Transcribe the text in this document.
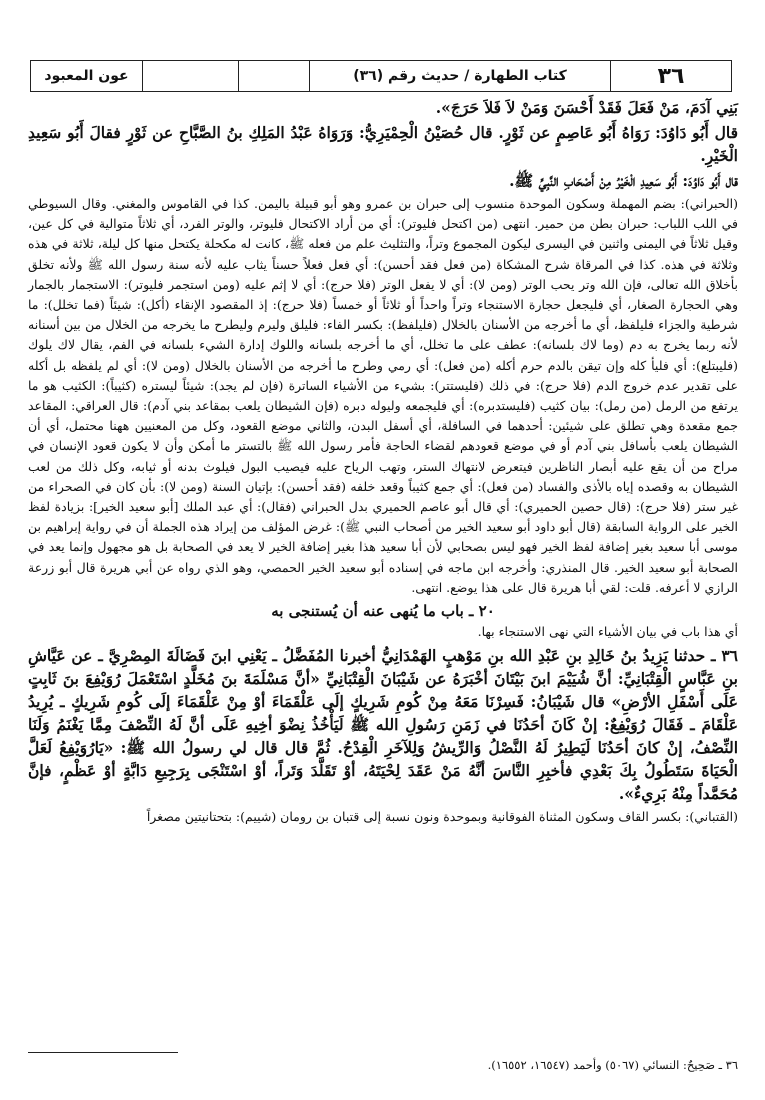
٣٦
كتاب الطهارة / حديث رقم (٣٦)
عون المعبود

بَنِي آدَمَ، مَنْ فَعَلَ فَقَدْ أَحْسَنَ وَمَنْ لاَ فَلاَ حَرَجَ».

قال أَبُو دَاوُدَ: رَوَاهُ أَبُو عَاصِمٍ عن ثَوْرٍ. قال حُصَيْنُ الْحِمْيَرِيُّ: وَرَوَاهُ عَبْدُ المَلِكِ بنُ الصَّبَّاحِ عن ثَوْرٍ فقالَ أَبُو سَعِيدِ الْخَيْرِ.

قال أَبُو دَاوُدَ: أَبُو سَعِيدِ الْخَيْرُ مِنْ أَصْحَابِ النَّبِيِّ ﷺ.

(الحبراني): بضم المهملة وسكون الموحدة منسوب إلى حبران بن عمرو وهو أبو قبيلة باليمن. كذا في القاموس والمغني. وقال السيوطي في اللب اللباب: حبران بطن من حمير. انتهى (من اكتحل فليوتر): أي من أراد الاكتحال فليوتر، والوتر الفرد، أي ثلاثاً متوالية في كل عين، وقيل ثلاثاً في اليمنى واثنين في اليسرى ليكون المجموع وتراً، والتثليث علم من فعله ﷺ، كانت له مكحلة يكتحل منها كل ليلة، ثلاثة في هذه وثلاثة في هذه. كذا في المرقاة شرح المشكاة (من فعل فقد أحسن): أي فعل فعلاً حسناً يثاب عليه لأنه سنة رسول الله ﷺ ولأنه تخلق بأخلاق الله تعالى، فإن الله وتر يحب الوتر (ومن لا): أي لا يفعل الوتر (فلا حرج): أي لا إثم عليه (ومن استجمر فليوتر): الاستجمار بالجمار وهي الحجارة الصغار، أي فليجعل حجارة الاستنجاء وتراً واحداً أو ثلاثاً أو خمساً (فلا حرج): إذ المقصود الإنقاء (أكل): شيئاً (فما تخلل): ما شرطية والجزاء فليلفظ، أي ما أخرجه من الأسنان بالخلال (فليلفظ): بكسر الفاء: فليلق وليرم وليطرح ما يخرجه من الخلال من بين أسنانه لأنه ربما يخرج به دم (وما لاك بلسانه): عطف على ما تخلل، أي ما أخرجه بلسانه واللوك إدارة الشيء بلسانه في الفم، يقال لاك يلوك (فليبتلع): أي فليأ كله وإن تيقن بالدم حرم أكله (من فعل): أي رمي وطرح ما أخرجه من الأسنان بالخلال (ومن لا): أي لم يلفظه بل أكله على تقدير عدم خروج الدم (فلا حرج): في ذلك (فليستتر): بشيء من الأشياء الساترة (فإن لم يجد): شيئاً ليستره (كثيباً): الكثيب هو ما يرتفع من الرمل (من رمل): بيان كثيب (فليستدبره): أي فليجمعه وليوله دبره (فإن الشيطان يلعب بمقاعد بني آدم): قال العراقي: المقاعد جمع مقعدة وهي تطلق على شيئين: أحدهما في السافلة، أي أسفل البدن، والثاني موضع القعود، وكل من المعنيين ههنا محتمل، أي أن الشيطان يلعب بأسافل بني آدم أو في موضع قعودهم لقضاء الحاجة فأمر رسول الله ﷺ بالتستر ما أمكن وأن لا يكون قعود الإنسان في مراح من أن يقع عليه أبصار الناظرين فيتعرض لانتهاك الستر، وتهب الرياح عليه فيصيب البول فيلوث بدنه أو ثيابه، وكل ذلك من لعب الشيطان به وقصده إياه بالأذى والفساد (من فعل): أي جمع كثيباً وقعد خلفه (فقد أحسن): بإتيان السنة (ومن لا): بأن كان في الصحراء من غير ستر (فلا حرج): (قال حصين الحميري): أي قال أبو عاصم الحميري بدل الحبراني (فقال): أي عبد الملك [أبو سعيد الخير]: بزيادة لفظ الخير على الرواية السابقة (قال أبو داود أبو سعيد الخير من أصحاب النبي ﷺ): غرض المؤلف من إيراد هذه الجملة أن في رواية إبراهيم بن موسى أبا سعيد بغير إضافة لفظ الخير فهو ليس بصحابي لأن أبا سعيد هذا بغير إضافة الخير لا يعد في الصحابة بل هو مجهول وإنما يعد في الصحابة أبو سعيد الخير. قال المنذري: وأخرجه ابن ماجه في إسناده أبو سعيد الخير الحمصي، وهو الذي رواه عن أبي هريرة قال أبو زرعة الرازي لا أعرفه. قلت: لقي أبا هريرة قال على هذا يوضع. انتهى.

٢٠ ـ باب ما يُنهى عنه أن يُستنجى به

أي هذا باب في بيان الأشياء التي نهى الاستنجاء بها.

٣٦ ـ حدثنا يَزِيدُ بنُ خَالِدِ بنِ عَبْدِ الله بنِ مَوْهبٍ الهَمْدَانِيُّ أخبرنا المُفَضَّلُ ـ يَعْنِي ابنَ فَضَالَةَ المِصْرِيَّ ـ عن عَيَّاشِ بنِ عَبَّاسٍ الْقِتْبَانِيِّ: أنَّ شُيَيْمَ ابنَ بَيْتَانَ أخْبَرَهُ عن شَيْبَانَ الْقِتْبَانِيِّ «أنَّ مَسْلَمَةَ بنَ مُخَلَّدٍ اسْتَعْمَلَ رُوَيْفِعَ بنَ ثَابِتٍ عَلَى أَسْفَلِ الأرْضِ» قال شَيْبَانُ: فَسِرْنَا مَعَهُ مِنْ كُومِ شَرِيكٍ إلَى عَلْقَمَاءَ أوْ مِنْ عَلْقَمَاءَ إلَى كُومِ شَرِيكٍ ـ يُرِيدُ عَلْقَامَ ـ فَقَالَ رُوَيْفِعٌ: إنْ كَانَ أحَدُنَا في زَمَنِ رَسُولِ الله ﷺ لَيَأْخُذُ نِضْوَ أخِيهِ عَلَى أنَّ لَهُ النِّصْفَ مِمَّا يَغْنَمُ وَلَنَا النِّصْفُ، إنْ كانَ أحَدُنَا لَيَطِيرُ لَهُ النَّصْلُ وَالرِّيشُ وَلِلآخَرِ الْقِدْحُ. ثُمَّ قال قال لي رسولُ الله ﷺ: «يَارُوَيْفِعُ لَعَلَّ الْحَيَاةَ سَتَطُولُ بِكَ بَعْدِي فأخبِرِ النَّاسَ أنَّهُ مَنْ عَقَدَ لِحْيَتَهُ، أوْ تَقَلَّدَ وَتَراً، أوْ اسْتَنْجَى بِرَجِيعِ دَابَّةٍ أوْ عَظْمٍ، فإنَّ مُحَمَّداً مِنْهُ بَرِيءٌ».

(القتباني): بكسر القاف وسكون المثناة الفوقانية وبموحدة ونون نسبة إلى قتبان بن رومان (شييم): بتحتانيتين مصغراً

٣٦ ـ صَحِيحٌ: النسائي (٥٠٦٧) وأحمد (١٦٥٤٧، ١٦٥٥٢).
